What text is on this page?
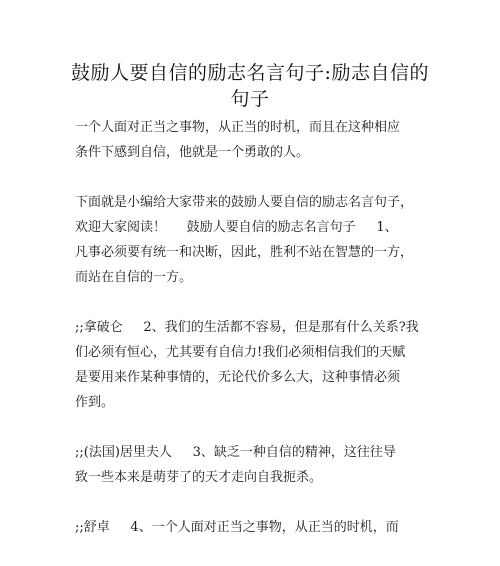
鼓励人要自信的励志名言句子:励志自信的
句子
一个人面对正当之事物，从正当的时机，而且在这种相应
条件下感到自信，他就是一个勇敢的人。
下面就是小编给大家带来的鼓励人要自信的励志名言句子，
欢迎大家阅读！     鼓励人要自信的励志名言句子     1、
凡事必须要有统一和决断，因此，胜利不站在智慧的一方，
而站在自信的一方。
;;拿破仑     2、我们的生活都不容易，但是那有什么关系?我
们必须有恒心，尤其要有自信力!我们必须相信我们的天赋
是要用来作某种事情的，无论代价多么大，这种事情必须
作到。
;;(法国)居里夫人     3、缺乏一种自信的精神，这往往导
致一些本来是萌芽了的天才走向自我扼杀。
;;舒卓     4、一个人面对正当之事物，从正当的时机，而
